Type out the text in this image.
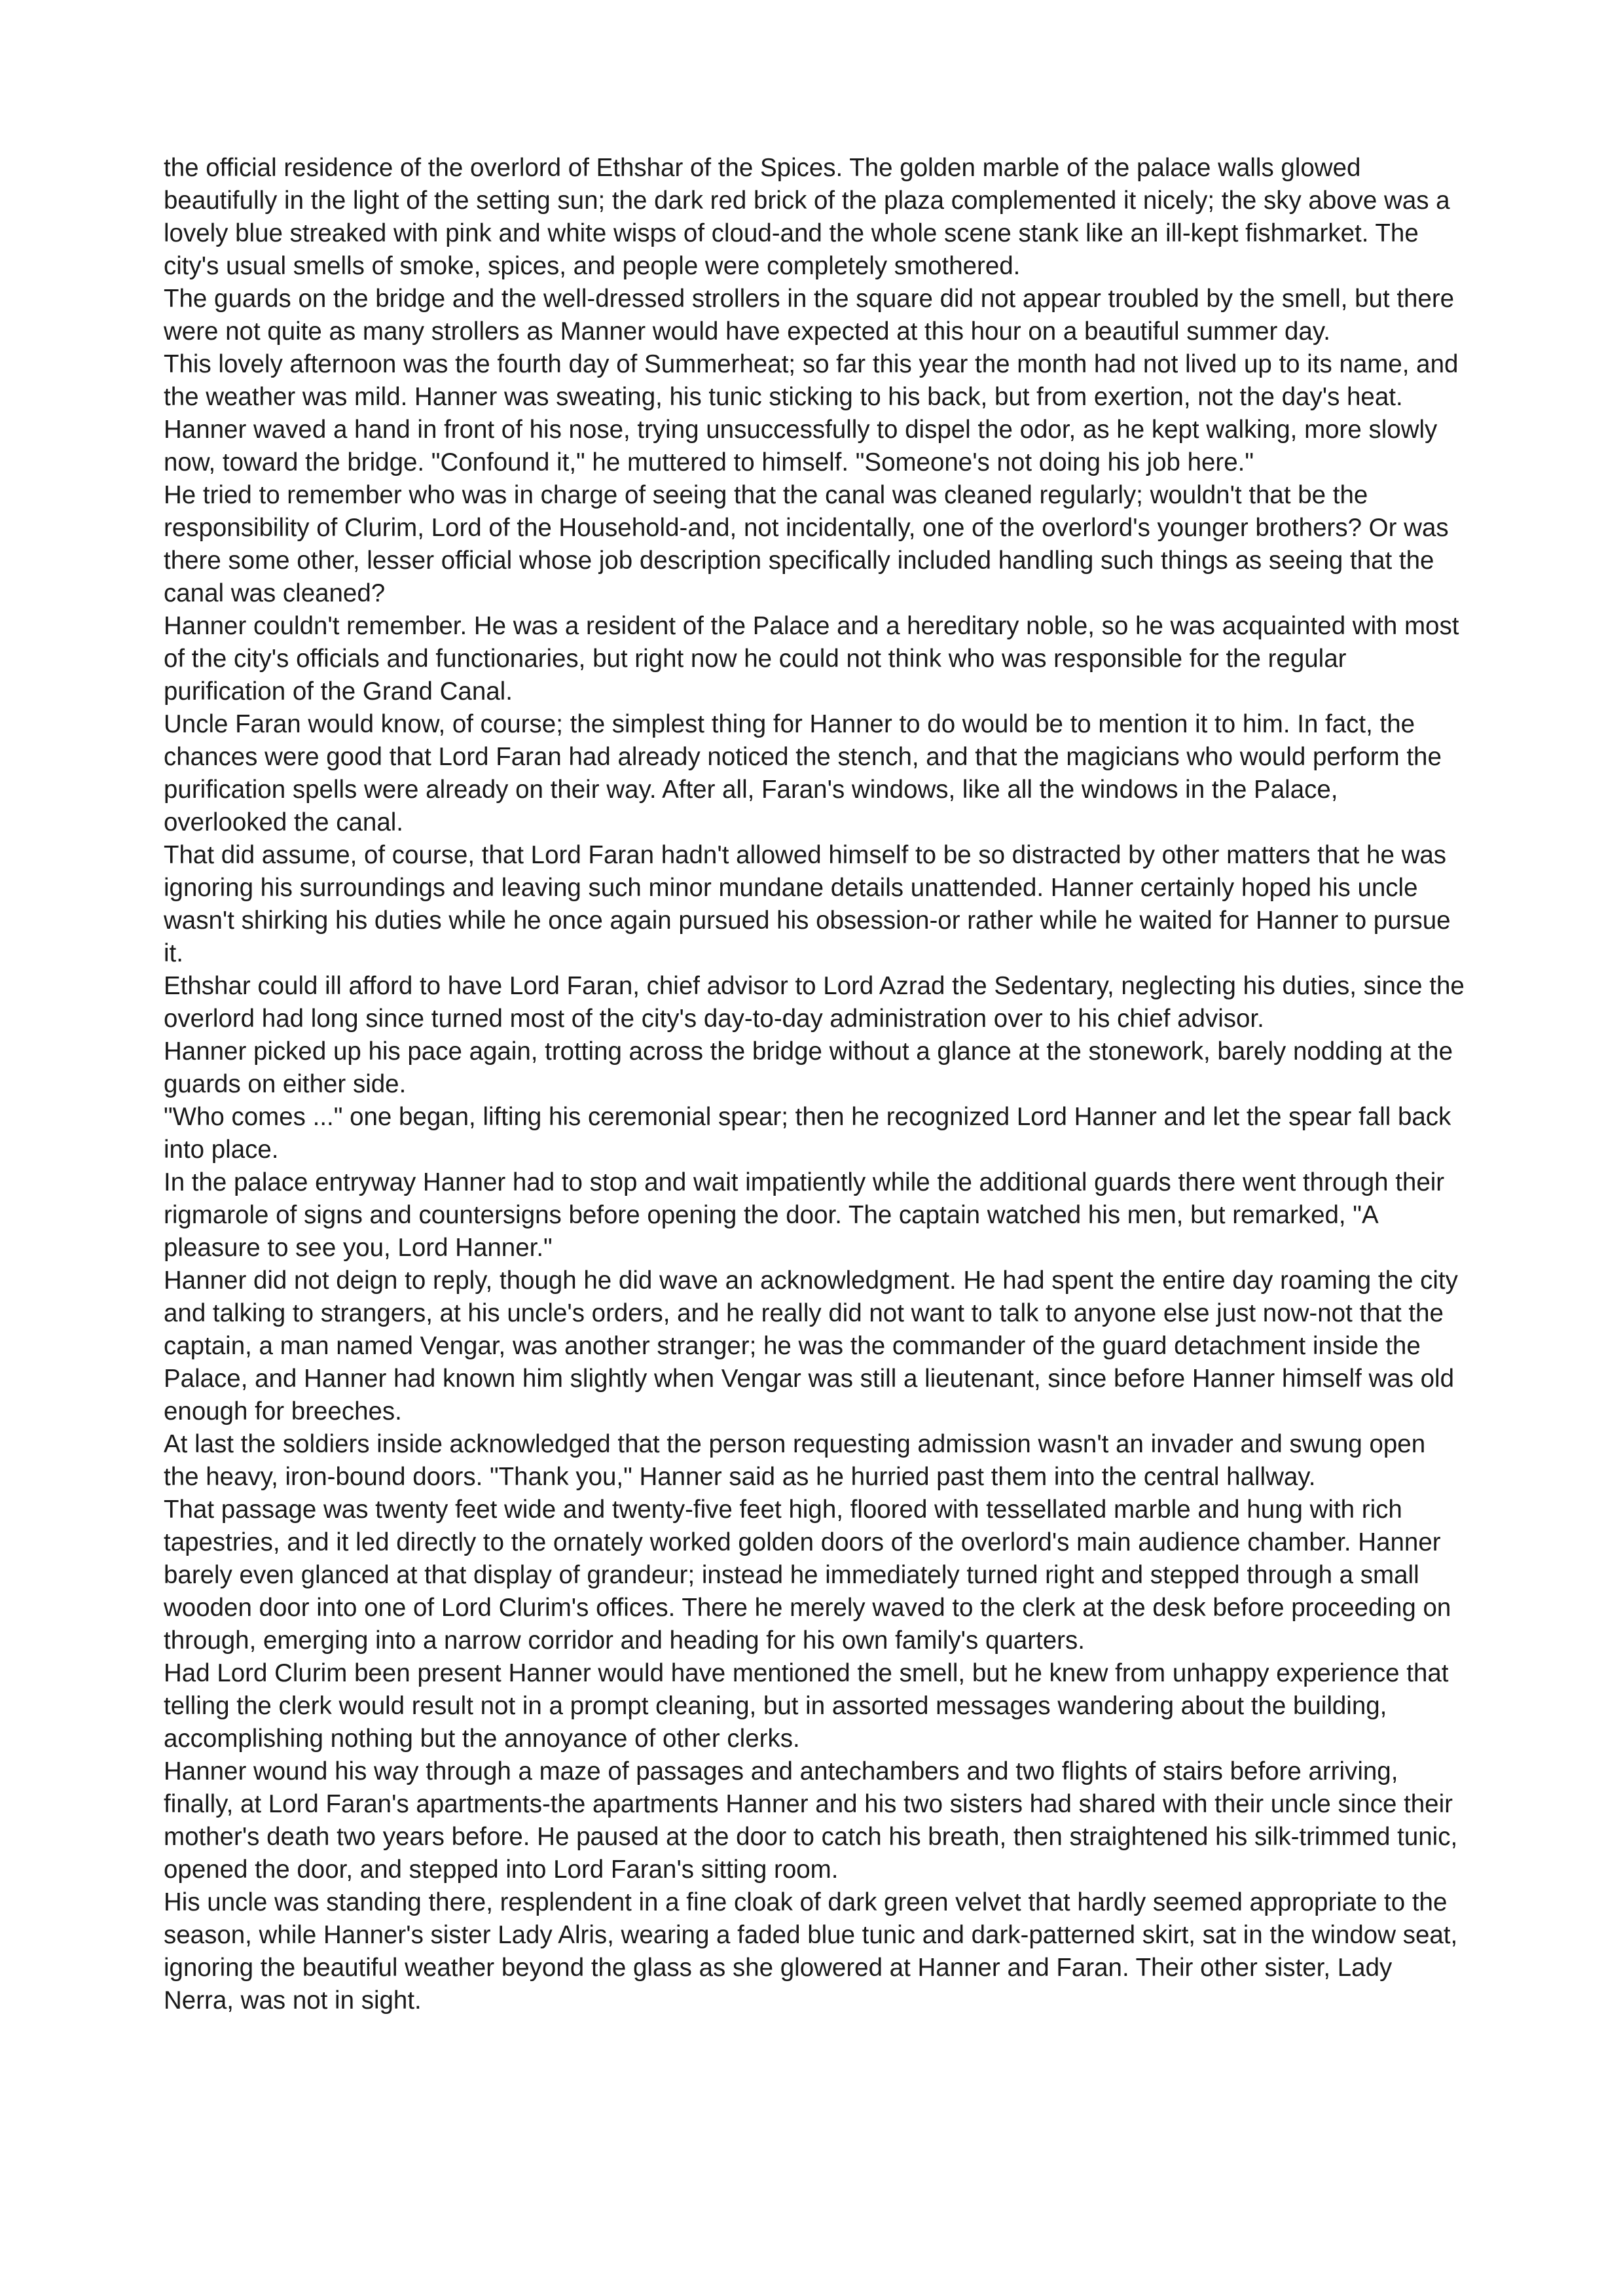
the official residence of the overlord of Ethshar of the Spices. The golden marble of the palace walls glowed beautifully in the light of the setting sun; the dark red brick of the plaza complemented it nicely; the sky above was a lovely blue streaked with pink and white wisps of cloud-and the whole scene stank like an ill-kept fishmarket. The city's usual smells of smoke, spices, and people were completely smothered.

The guards on the bridge and the well-dressed strollers in the square did not appear troubled by the smell, but there were not quite as many strollers as Manner would have expected at this hour on a beautiful summer day.

This lovely afternoon was the fourth day of Summerheat; so far this year the month had not lived up to its name, and the weather was mild. Hanner was sweating, his tunic sticking to his back, but from exertion, not the day's heat.

Hanner waved a hand in front of his nose, trying unsuccessfully to dispel the odor, as he kept walking, more slowly now, toward the bridge. "Confound it," he muttered to himself. "Someone's not doing his job here."

He tried to remember who was in charge of seeing that the canal was cleaned regularly; wouldn't that be the responsibility of Clurim, Lord of the Household-and, not incidentally, one of the overlord's younger brothers? Or was there some other, lesser official whose job description specifically included handling such things as seeing that the canal was cleaned?

Hanner couldn't remember. He was a resident of the Palace and a hereditary noble, so he was acquainted with most of the city's officials and functionaries, but right now he could not think who was responsible for the regular purification of the Grand Canal.

Uncle Faran would know, of course; the simplest thing for Hanner to do would be to mention it to him. In fact, the chances were good that Lord Faran had already noticed the stench, and that the magicians who would perform the purification spells were already on their way. After all, Faran's windows, like all the windows in the Palace, overlooked the canal.

That did assume, of course, that Lord Faran hadn't allowed himself to be so distracted by other matters that he was ignoring his surroundings and leaving such minor mundane details unattended. Hanner certainly hoped his uncle wasn't shirking his duties while he once again pursued his obsession-or rather while he waited for Hanner to pursue it.

Ethshar could ill afford to have Lord Faran, chief advisor to Lord Azrad the Sedentary, neglecting his duties, since the overlord had long since turned most of the city's day-to-day administration over to his chief advisor.

Hanner picked up his pace again, trotting across the bridge without a glance at the stonework, barely nodding at the guards on either side.

"Who comes ..." one began, lifting his ceremonial spear; then he recognized Lord Hanner and let the spear fall back into place.

In the palace entryway Hanner had to stop and wait impatiently while the additional guards there went through their rigmarole of signs and countersigns before opening the door. The captain watched his men, but remarked, "A pleasure to see you, Lord Hanner."

Hanner did not deign to reply, though he did wave an acknowledgment. He had spent the entire day roaming the city and talking to strangers, at his uncle's orders, and he really did not want to talk to anyone else just now-not that the captain, a man named Vengar, was another stranger; he was the commander of the guard detachment inside the Palace, and Hanner had known him slightly when Vengar was still a lieutenant, since before Hanner himself was old enough for breeches.

At last the soldiers inside acknowledged that the person requesting admission wasn't an invader and swung open the heavy, iron-bound doors. "Thank you," Hanner said as he hurried past them into the central hallway.

That passage was twenty feet wide and twenty-five feet high, floored with tessellated marble and hung with rich tapestries, and it led directly to the ornately worked golden doors of the overlord's main audience chamber. Hanner barely even glanced at that display of grandeur; instead he immediately turned right and stepped through a small wooden door into one of Lord Clurim's offices. There he merely waved to the clerk at the desk before proceeding on through, emerging into a narrow corridor and heading for his own family's quarters.

Had Lord Clurim been present Hanner would have mentioned the smell, but he knew from unhappy experience that telling the clerk would result not in a prompt cleaning, but in assorted messages wandering about the building, accomplishing nothing but the annoyance of other clerks.

Hanner wound his way through a maze of passages and antechambers and two flights of stairs before arriving, finally, at Lord Faran's apartments-the apartments Hanner and his two sisters had shared with their uncle since their mother's death two years before. He paused at the door to catch his breath, then straightened his silk-trimmed tunic, opened the door, and stepped into Lord Faran's sitting room.

His uncle was standing there, resplendent in a fine cloak of dark green velvet that hardly seemed appropriate to the season, while Hanner's sister Lady Alris, wearing a faded blue tunic and dark-patterned skirt, sat in the window seat, ignoring the beautiful weather beyond the glass as she glowered at Hanner and Faran. Their other sister, Lady Nerra, was not in sight.
